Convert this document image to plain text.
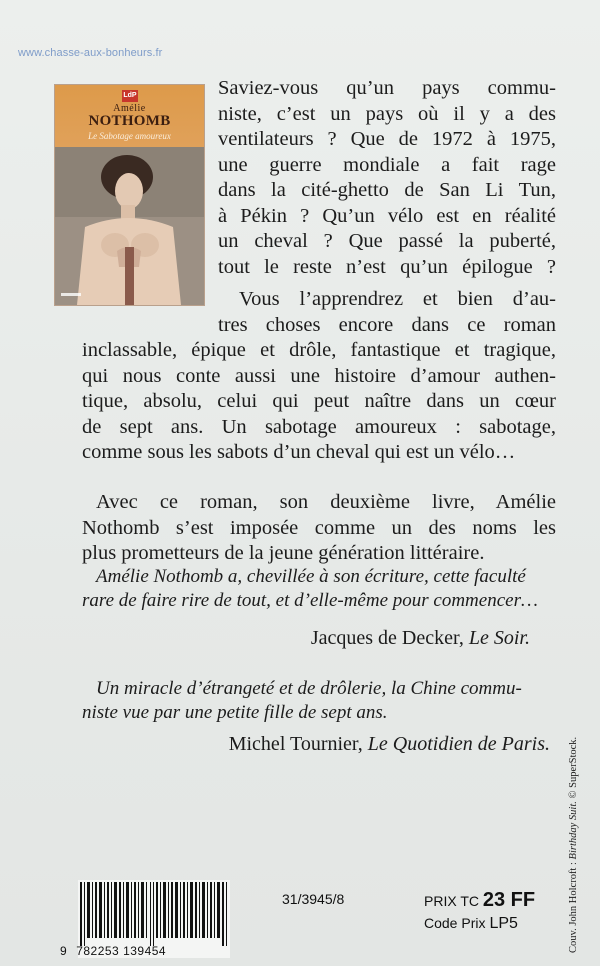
www.chasse-aux-bonheurs.fr
LdP
Amélie
NOTHOMB
Le Sabotage amoureux

Saviez-vous qu’un pays commu-

niste, c’est un pays où il y a des

ventilateurs ? Que de 1972 à 1975,

une guerre mondiale a fait rage

dans la cité-ghetto de San Li Tun,

à Pékin ? Qu’un vélo est en réalité

un cheval ? Que passé la puberté,

tout le reste n’est qu’un épilogue ?

Vous l’apprendrez et bien d’au-

tres choses encore dans ce roman

inclassable, épique et drôle, fantastique et tragique,

qui nous conte aussi une histoire d’amour authen-

tique, absolu, celui qui peut naître dans un cœur

de sept ans. Un sabotage amoureux : sabotage,

comme sous les sabots d’un cheval qui est un vélo…

Avec ce roman, son deuxième livre, Amélie

Nothomb s’est imposée comme un des noms les

plus prometteurs de la jeune génération littéraire.

Amélie Nothomb a, chevillée à son écriture, cette faculté
rare de faire rire de tout, et d’elle-même pour commencer…
Jacques de Decker, Le Soir.
Un miracle d’étrangeté et de drôlerie, la Chine commu-
niste vue par une petite fille de sept ans.
Michel Tournier, Le Quotidien de Paris.
Couv. John Holcroft : Birthday Suit. © SuperStock.
9 782253 139454
31/3945/8	PRIX TC 23 FF
Code Prix LP5
